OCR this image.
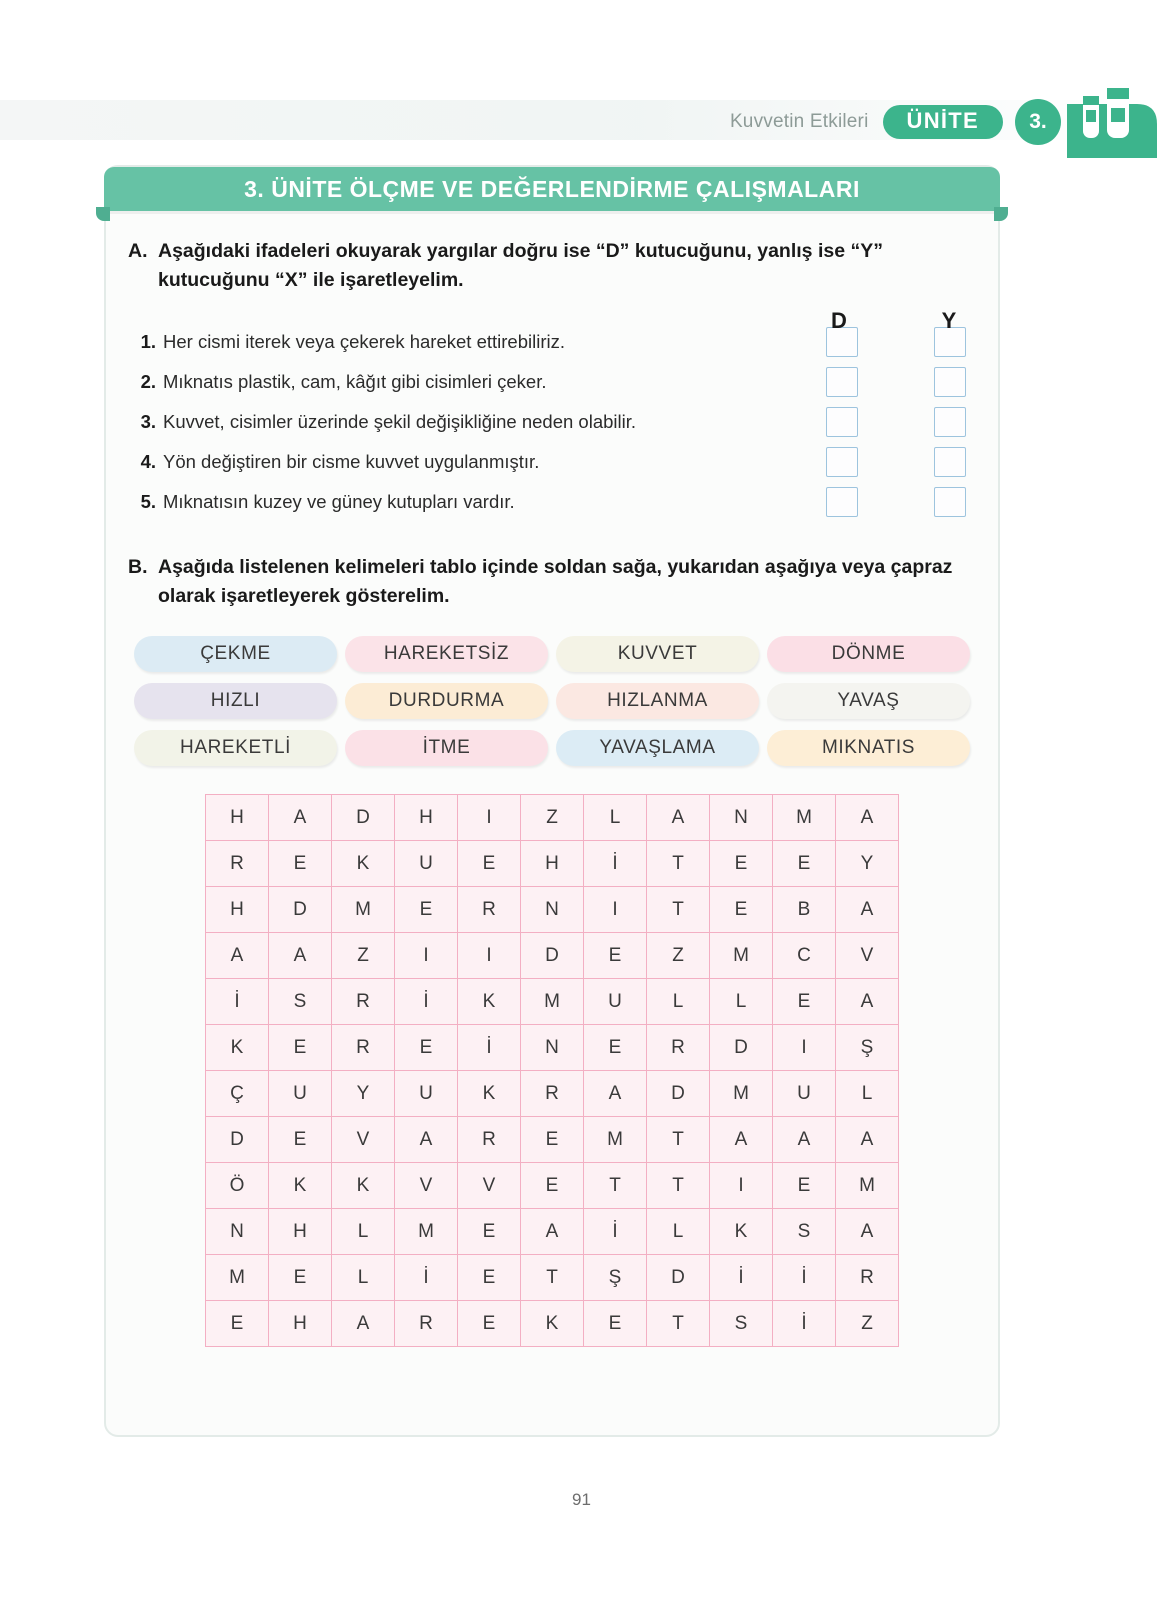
Kuvvetin Etkileri	ÜNİTE	3.
3. ÜNİTE ÖLÇME VE DEĞERLENDİRME ÇALIŞMALARI
A. Aşağıdaki ifadeleri okuyarak yargılar doğru ise “D” kutucuğunu, yanlış ise “Y” kutucuğunu “X” ile işaretleyelim.
1. Her cismi iterek veya çekerek hareket ettirebiliriz.
2. Mıknatıs plastik, cam, kâğıt gibi cisimleri çeker.
3. Kuvvet, cisimler üzerinde şekil değişikliğine neden olabilir.
4. Yön değiştiren bir cisme kuvvet uygulanmıştır.
5. Mıknatısın kuzey ve güney kutupları vardır.
B. Aşağıda listelenen kelimeleri tablo içinde soldan sağa, yukarıdan aşağıya veya çapraz olarak işaretleyerek gösterelim.
ÇEKME	HAREKETSİZ	KUVVET	DÖNME
HIZLI	DURDURMA	HIZLANMA	YAVAŞ
HAREKETLİ	İTME	YAVAŞLAMA	MIKNATIS
H	A	D	H	I	Z	L	A	N	M	A
R	E	K	U	E	H	İ	T	E	E	Y
H	D	M	E	R	N	I	T	E	B	A
A	A	Z	I	I	D	E	Z	M	C	V
İ	S	R	İ	K	M	U	L	L	E	A
K	E	R	E	İ	N	E	R	D	I	Ş
Ç	U	Y	U	K	R	A	D	M	U	L
D	E	V	A	R	E	M	T	A	A	A
Ö	K	K	V	V	E	T	T	I	E	M
N	H	L	M	E	A	İ	L	K	S	A
M	E	L	İ	E	T	Ş	D	İ	İ	R
E	H	A	R	E	K	E	T	S	İ	Z
D	Y
91
